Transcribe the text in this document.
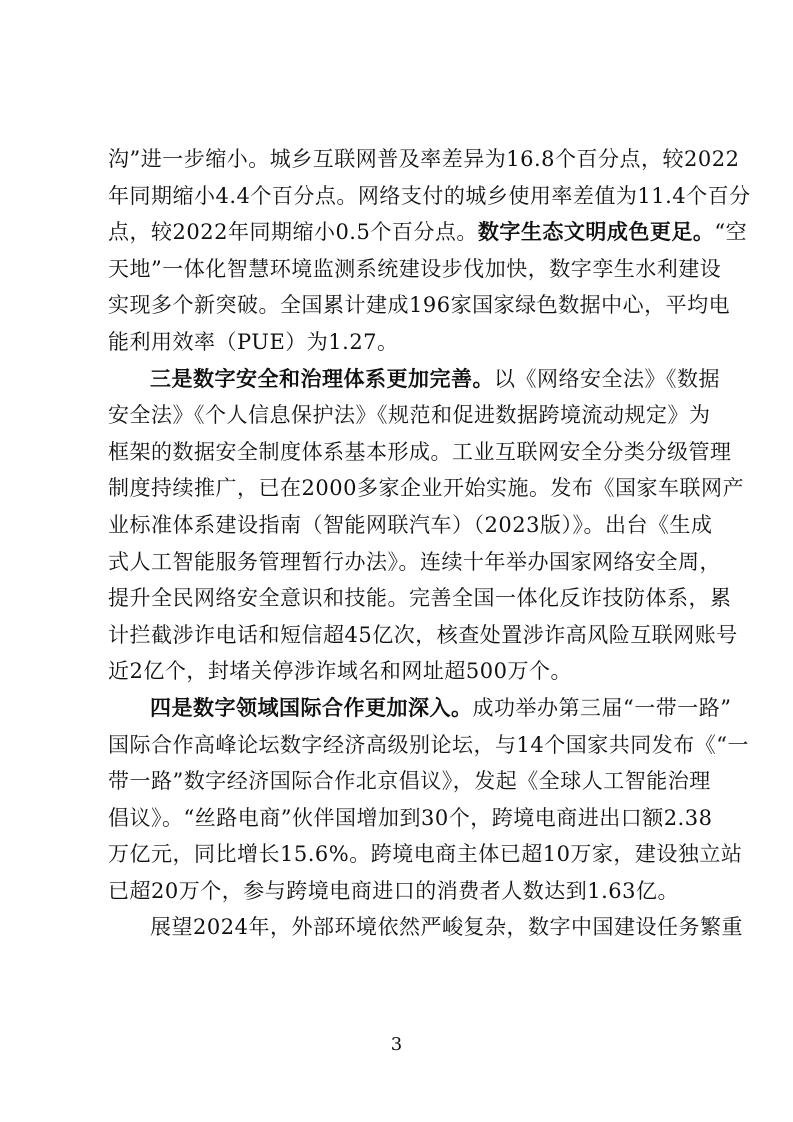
沟”进一步缩小。城乡互联网普及率差异为16.8个百分点，较2022
年同期缩小4.4个百分点。网络支付的城乡使用率差值为11.4个百分
点，较2022年同期缩小0.5个百分点。数字生态文明成色更足。“空
天地”一体化智慧环境监测系统建设步伐加快，数字孪生水利建设
实现多个新突破。全国累计建成196家国家绿色数据中心，平均电
能利用效率（PUE）为1.27。
三是数字安全和治理体系更加完善。以《网络安全法》《数据
安全法》《个人信息保护法》《规范和促进数据跨境流动规定》为
框架的数据安全制度体系基本形成。工业互联网安全分类分级管理
制度持续推广，已在2000多家企业开始实施。发布《国家车联网产
业标准体系建设指南（智能网联汽车）（2023版）》。出台《生成
式人工智能服务管理暂行办法》。连续十年举办国家网络安全周，
提升全民网络安全意识和技能。完善全国一体化反诈技防体系，累
计拦截涉诈电话和短信超45亿次，核查处置涉诈高风险互联网账号
近2亿个，封堵关停涉诈域名和网址超500万个。
四是数字领域国际合作更加深入。成功举办第三届“一带一路”
国际合作高峰论坛数字经济高级别论坛，与14个国家共同发布《“一
带一路”数字经济国际合作北京倡议》，发起《全球人工智能治理
倡议》。“丝路电商”伙伴国增加到30个，跨境电商进出口额2.38
万亿元，同比增长15.6%。跨境电商主体已超10万家，建设独立站
已超20万个，参与跨境电商进口的消费者人数达到1.63亿。
展望2024年，外部环境依然严峻复杂，数字中国建设任务繁重
3
